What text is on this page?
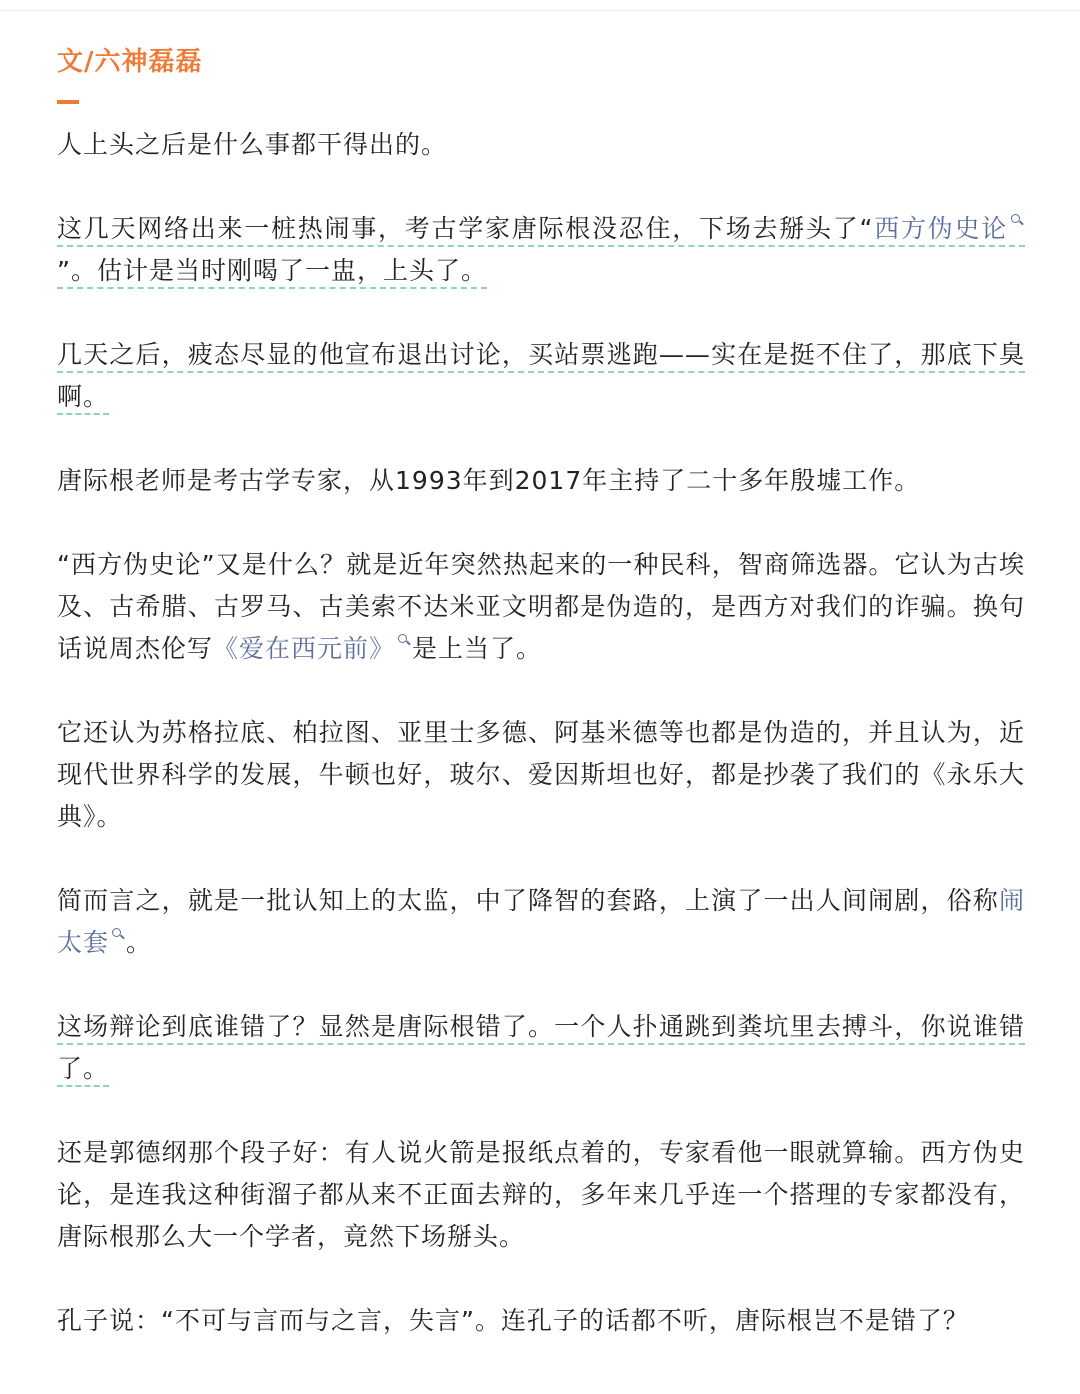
文/六神磊磊

人上头之后是什么事都干得出的。

这几天网络出来一桩热闹事，考古学家唐际根没忍住，下场去掰头了“西方伪史论”。估计是当时刚喝了一盅，上头了。

几天之后，疲态尽显的他宣布退出讨论，买站票逃跑——实在是挺不住了，那底下臭啊。

唐际根老师是考古学专家，从1993年到2017年主持了二十多年殷墟工作。

“西方伪史论”又是什么？就是近年突然热起来的一种民科，智商筛选器。它认为古埃及、古希腊、古罗马、古美索不达米亚文明都是伪造的，是西方对我们的诈骗。换句话说周杰伦写《爱在西元前》 是上当了。

它还认为苏格拉底、柏拉图、亚里士多德、阿基米德等也都是伪造的，并且认为，近现代世界科学的发展，牛顿也好，玻尔、爱因斯坦也好，都是抄袭了我们的《永乐大典》。

简而言之，就是一批认知上的太监，中了降智的套路，上演了一出人间闹剧，俗称闹太套 。

这场辩论到底谁错了？显然是唐际根错了。一个人扑通跳到粪坑里去搏斗，你说谁错了。

还是郭德纲那个段子好：有人说火箭是报纸点着的，专家看他一眼就算输。西方伪史论，是连我这种街溜子都从来不正面去辩的，多年来几乎连一个搭理的专家都没有，唐际根那么大一个学者，竟然下场掰头。

孔子说：“不可与言而与之言，失言”。连孔子的话都不听，唐际根岂不是错了？
